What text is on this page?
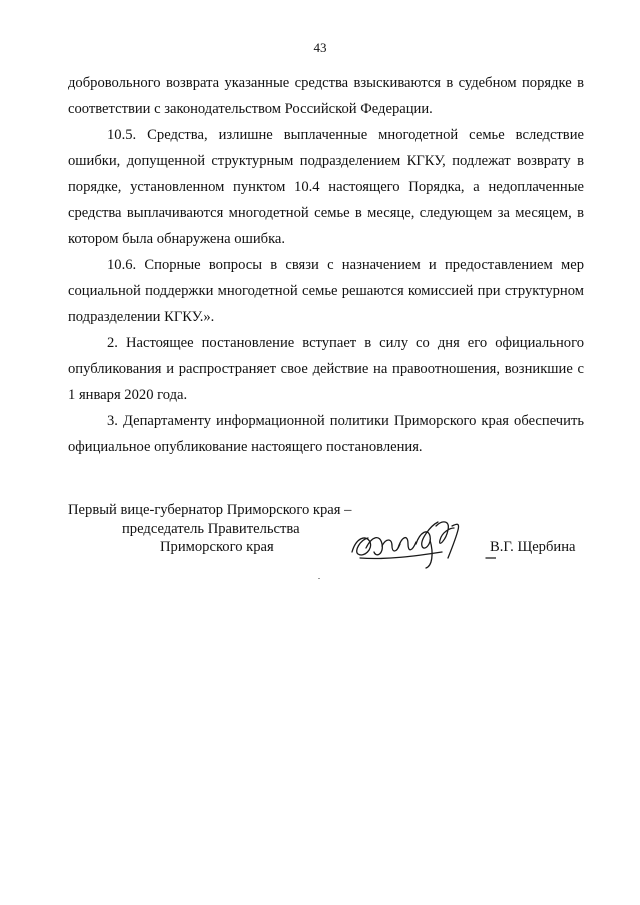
43

добровольного возврата указанные средства взыскиваются в судебном порядке в соответствии с законодательством Российской Федерации.

10.5. Средства, излишне выплаченные многодетной семье вследствие ошибки, допущенной структурным подразделением КГКУ, подлежат возврату в порядке, установленном пунктом 10.4 настоящего Порядка, а недоплаченные средства выплачиваются многодетной семье в месяце, следующем за месяцем, в котором была обнаружена ошибка.

10.6. Спорные вопросы в связи с назначением и предоставлением мер социальной поддержки многодетной семье решаются комиссией при структурном подразделении КГКУ.».

2. Настоящее постановление вступает в силу со дня его официального опубликования и распространяет свое действие на правоотношения, возникшие с 1 января 2020 года.

3. Департаменту информационной политики Приморского края обеспечить официальное опубликование настоящего постановления.

Первый вице-губернатор Приморского края –
председатель Правительства
Приморского края	В.Г. Щербина
